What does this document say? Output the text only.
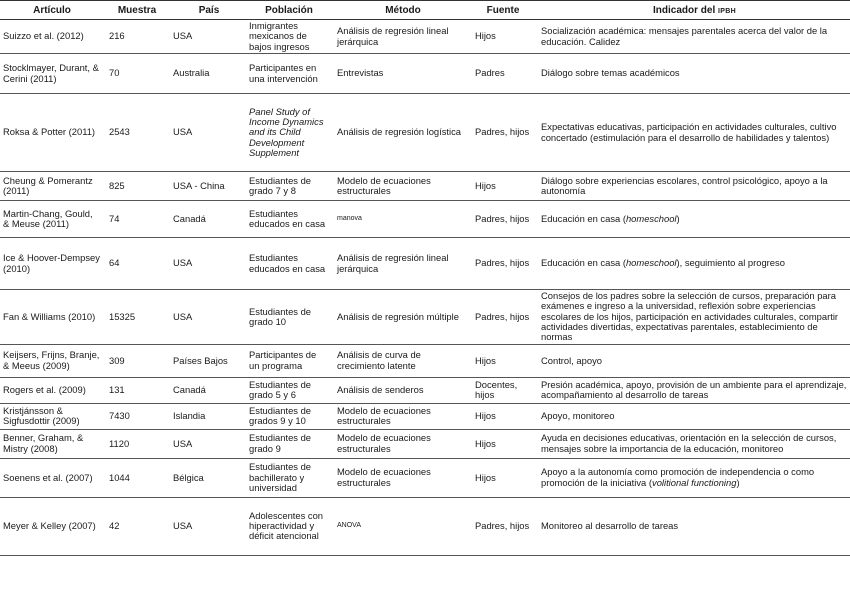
Artículo	Muestra	País	Población	Método	Fuente	Indicador del IPBH
Suizzo et al. (2012)	216	USA	Inmigrantes mexicanos de bajos ingresos	Análisis de regresión lineal jerárquica	Hijos	Socialización académica: mensajes parentales acerca del valor de la educación. Calidez
Stocklmayer, Durant, & Cerini (2011)	70	Australia	Participantes en una intervención	Entrevistas	Padres	Diálogo sobre temas académicos
Roksa & Potter (2011)	2543	USA	Panel Study of Income Dynamics and its Child Development Supplement	Análisis de regresión logística	Padres, hijos	Expectativas educativas, participación en actividades culturales, cultivo concertado (estimulación para el desarrollo de habilidades y talentos)
Cheung & Pomerantz (2011)	825	USA - China	Estudiantes de grado 7 y 8	Modelo de ecuaciones estructurales	Hijos	Diálogo sobre experiencias escolares, control psicológico, apoyo a la autonomía
Martin-Chang, Gould, & Meuse (2011)	74	Canadá	Estudiantes educados en casa	manova	Padres, hijos	Educación en casa (homeschool)
Ice & Hoover-Dempsey (2010)	64	USA	Estudiantes educados en casa	Análisis de regresión lineal jerárquica	Padres, hijos	Educación en casa (homeschool), seguimiento al progreso
Fan & Williams (2010)	15325	USA	Estudiantes de grado 10	Análisis de regresión múltiple	Padres, hijos	Consejos de los padres sobre la selección de cursos, preparación para exámenes e ingreso a la universidad, reflexión sobre experiencias escolares de los hijos, participación en actividades culturales, compartir actividades divertidas, expectativas parentales, establecimiento de normas
Keijsers, Frijns, Branje, & Meeus (2009)	309	Países Bajos	Participantes de un programa	Análisis de curva de crecimiento latente	Hijos	Control, apoyo
Rogers et al. (2009)	131	Canadá	Estudiantes de grado 5 y 6	Análisis de senderos	Docentes, hijos	Presión académica, apoyo, provisión de un ambiente para el aprendizaje, acompañamiento al desarrollo de tareas
Kristjánsson & Sigfusdottir (2009)	7430	Islandia	Estudiantes de grados 9 y 10	Modelo de ecuaciones estructurales	Hijos	Apoyo, monitoreo
Benner, Graham, & Mistry (2008)	1120	USA	Estudiantes de grado 9	Modelo de ecuaciones estructurales	Hijos	Ayuda en decisiones educativas, orientación en la selección de cursos, mensajes sobre la importancia de la educación, monitoreo
Soenens et al. (2007)	1044	Bélgica	Estudiantes de bachillerato y universidad	Modelo de ecuaciones estructurales	Hijos	Apoyo a la autonomía como promoción de independencia o como promoción de la iniciativa (volitional functioning)
Meyer & Kelley (2007)	42	USA	Adolescentes con hiperactividad y déficit atencional	ANOVA	Padres, hijos	Monitoreo al desarrollo de tareas
